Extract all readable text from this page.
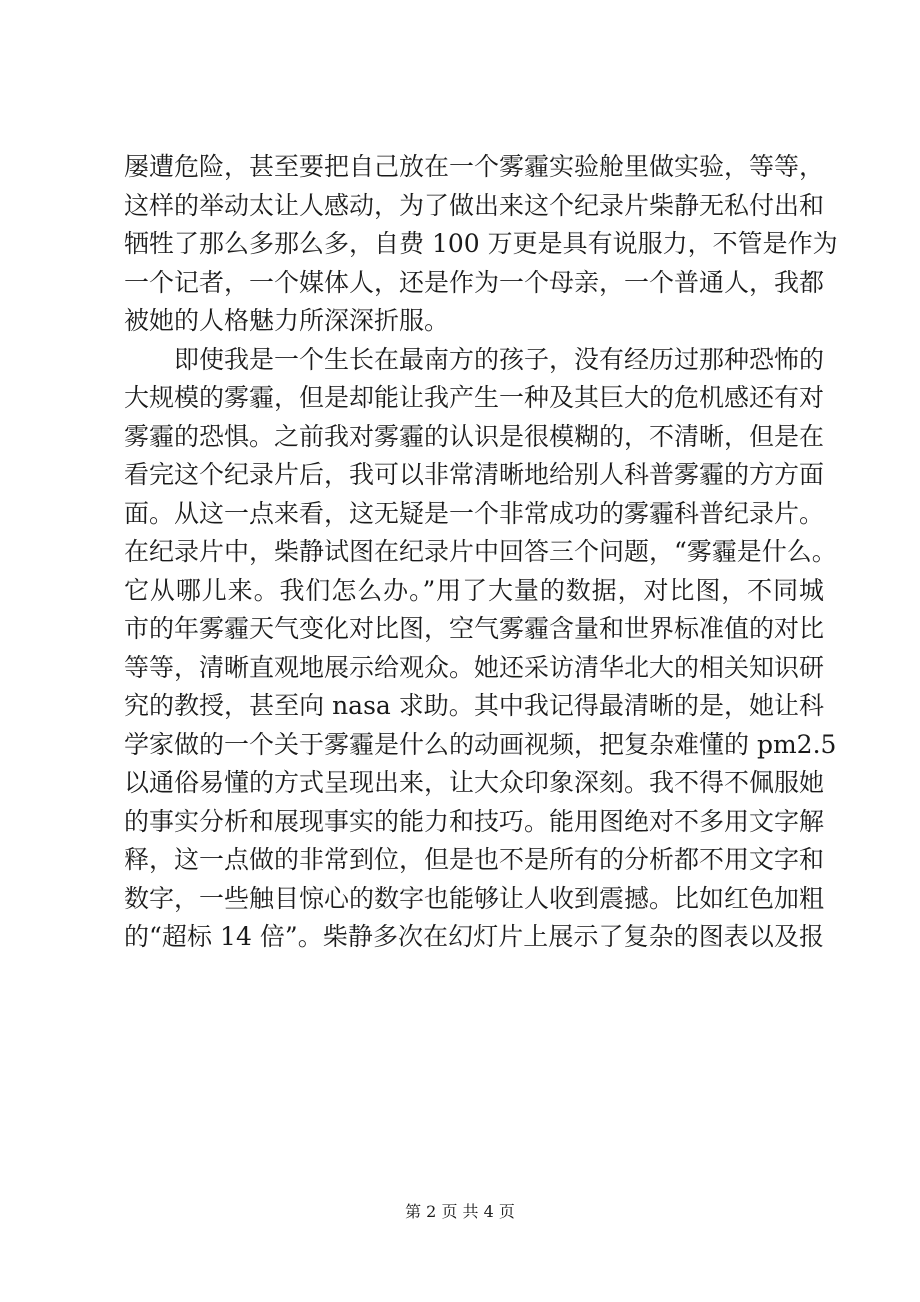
屡遭危险，甚至要把自己放在一个雾霾实验舱里做实验，等等，
这样的举动太让人感动，为了做出来这个纪录片柴静无私付出和
牺牲了那么多那么多，自费 100 万更是具有说服力，不管是作为
一个记者，一个媒体人，还是作为一个母亲，一个普通人，我都
被她的人格魅力所深深折服。
即使我是一个生长在最南方的孩子，没有经历过那种恐怖的
大规模的雾霾，但是却能让我产生一种及其巨大的危机感还有对
雾霾的恐惧。之前我对雾霾的认识是很模糊的，不清晰，但是在
看完这个纪录片后，我可以非常清晰地给别人科普雾霾的方方面
面。从这一点来看，这无疑是一个非常成功的雾霾科普纪录片。
在纪录片中，柴静试图在纪录片中回答三个问题，“雾霾是什么。
它从哪儿来。我们怎么办。”用了大量的数据，对比图，不同城
市的年雾霾天气变化对比图，空气雾霾含量和世界标准值的对比
等等，清晰直观地展示给观众。她还采访清华北大的相关知识研
究的教授，甚至向 nasa 求助。其中我记得最清晰的是，她让科
学家做的一个关于雾霾是什么的动画视频，把复杂难懂的 pm2.5
以通俗易懂的方式呈现出来，让大众印象深刻。我不得不佩服她
的事实分析和展现事实的能力和技巧。能用图绝对不多用文字解
释，这一点做的非常到位，但是也不是所有的分析都不用文字和
数字，一些触目惊心的数字也能够让人收到震撼。比如红色加粗
的“超标 14 倍”。柴静多次在幻灯片上展示了复杂的图表以及报
第 2 页 共 4 页
